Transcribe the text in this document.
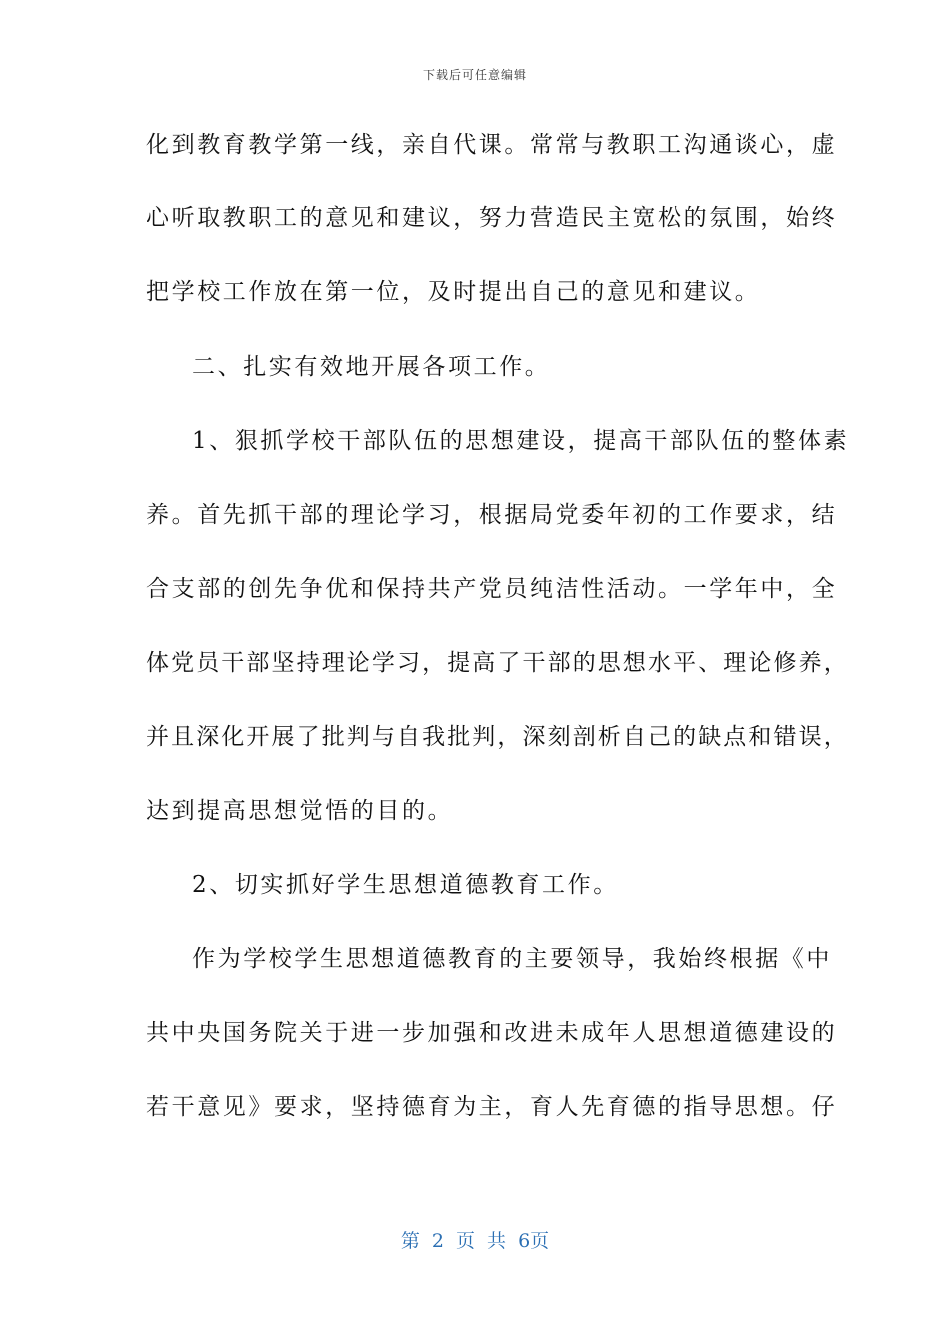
下载后可任意编辑
化到教育教学第一线，亲自代课。常常与教职工沟通谈心，虚
心听取教职工的意见和建议，努力营造民主宽松的氛围，始终
把学校工作放在第一位，及时提出自己的意见和建议。
二、扎实有效地开展各项工作。
1、狠抓学校干部队伍的思想建设，提高干部队伍的整体素
养。首先抓干部的理论学习，根据局党委年初的工作要求，结
合支部的创先争优和保持共产党员纯洁性活动。一学年中，全
体党员干部坚持理论学习，提高了干部的思想水平、理论修养，
并且深化开展了批判与自我批判，深刻剖析自己的缺点和错误，
达到提高思想觉悟的目的。
2、切实抓好学生思想道德教育工作。
作为学校学生思想道德教育的主要领导，我始终根据《中
共中央国务院关于进一步加强和改进未成年人思想道德建设的
若干意见》要求，坚持德育为主，育人先育德的指导思想。仔
第 2 页 共 6页
